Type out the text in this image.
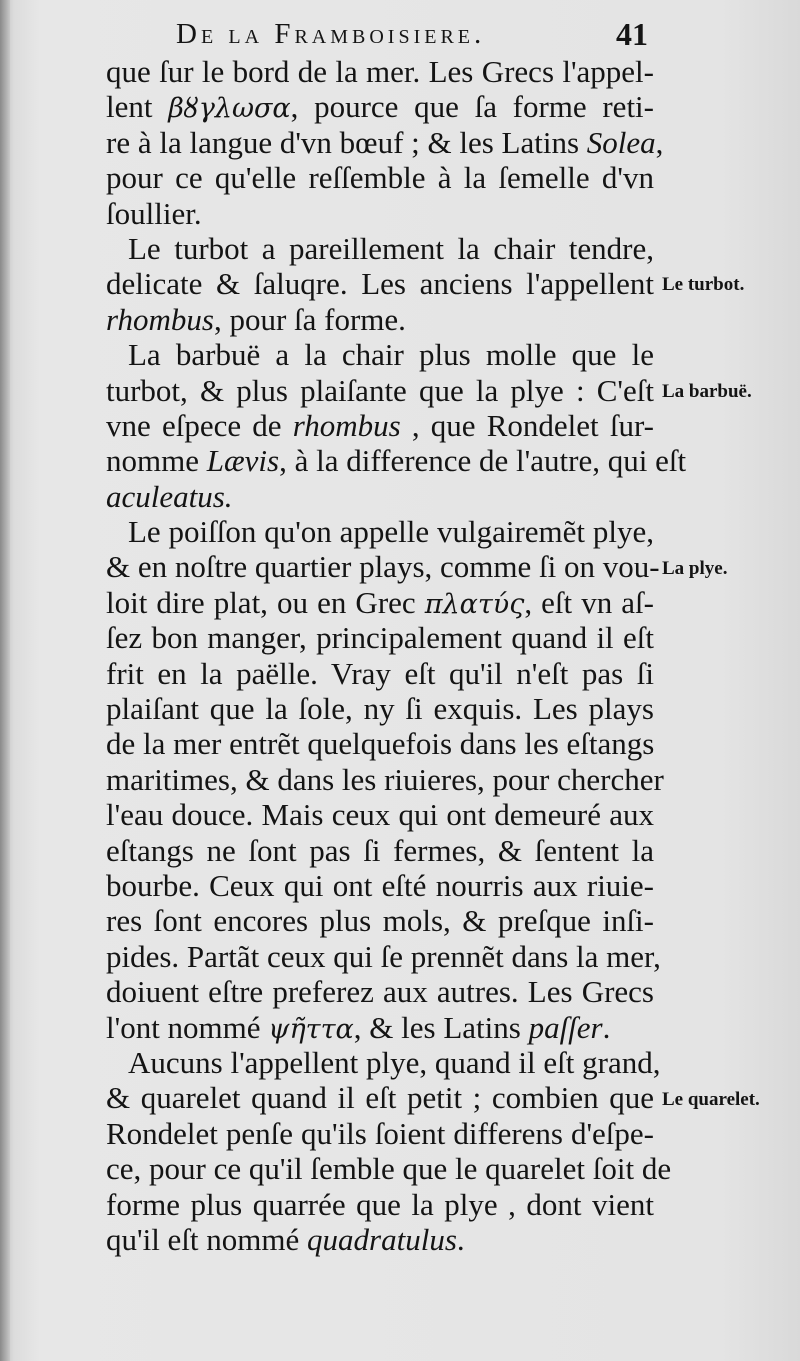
De la Framboisiere.	41
que ſur le bord de la mer. Les Grecs l'appel-
lent βȣγλωσα, pource que ſa forme reti-
re à la langue d'vn bœuf ; & les Latins Solea,
pour ce qu'elle reſſemble à la ſemelle d'vn
ſoullier.
Le turbot a pareillement la chair tendre,
delicate & ſaluqre. Les anciens l'appellent
rhombus, pour ſa forme.
La barbuë a la chair plus molle que le
turbot, & plus plaiſante que la plye : C'eſt
vne eſpece de rhombus , que Rondelet ſur-
nomme Lævis, à la difference de l'autre, qui eſt
aculeatus.
Le poiſſon qu'on appelle vulgairemẽt plye,
& en noſtre quartier plays, comme ſi on vou-
loit dire plat, ou en Grec πλατύς, eſt vn aſ-
ſez bon manger, principalement quand il eſt
frit en la paëlle. Vray eſt qu'il n'eſt pas ſi
plaiſant que la ſole, ny ſi exquis. Les plays
de la mer entrẽt quelquefois dans les eſtangs
maritimes, & dans les riuieres, pour chercher
l'eau douce. Mais ceux qui ont demeuré aux
eſtangs ne ſont pas ſi fermes, & ſentent la
bourbe. Ceux qui ont eſté nourris aux riuie-
res ſont encores plus mols, & preſque inſi-
pides. Partãt ceux qui ſe prennẽt dans la mer,
doiuent eſtre preferez aux autres. Les Grecs
l'ont nommé ψῆττα, & les Latins paſſer.
Aucuns l'appellent plye, quand il eſt grand,
& quarelet quand il eſt petit ; combien que
Rondelet penſe qu'ils ſoient differens d'eſpe-
ce, pour ce qu'il ſemble que le quarelet ſoit de
forme plus quarrée que la plye , dont vient
qu'il eſt nommé quadratulus.
Le turbot.
La barbuë.
La plye.
Le quarelet.
